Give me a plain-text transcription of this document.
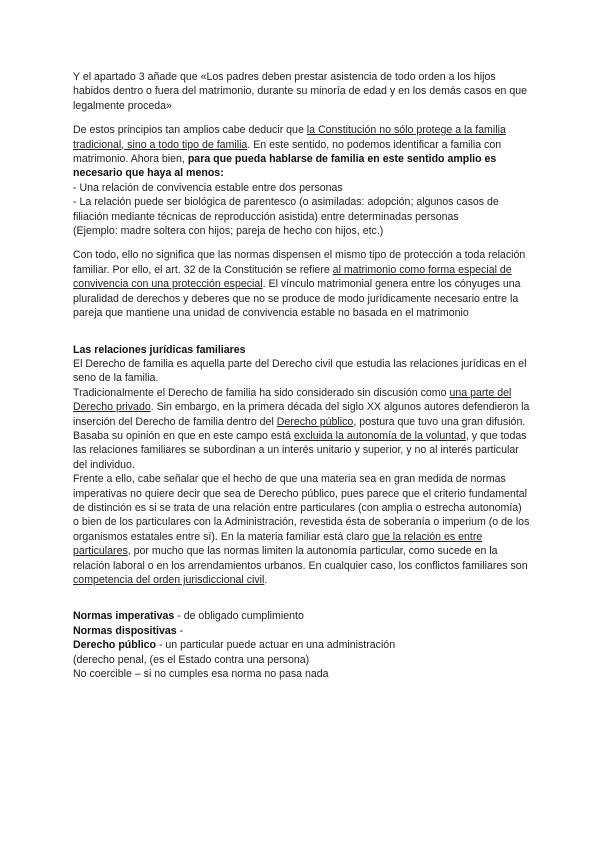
Y el apartado 3 añade que «Los padres deben prestar asistencia de todo orden a los hijos habidos dentro o fuera del matrimonio, durante su minoría de edad y en los demás casos en que legalmente proceda»

De estos principios tan amplios cabe deducir que la Constitución no sólo protege a la familia tradicional, sino a todo tipo de familia. En este sentido, no podemos identificar a familia con matrimonio. Ahora bien, para que pueda hablarse de familia en este sentido amplio es necesario que haya al menos:
- Una relación de convivencia estable entre dos personas
- La relación puede ser biológica de parentesco (o asimiladas: adopción; algunos casos de filiación mediante técnicas de reproducción asistida) entre determinadas personas
(Ejemplo: madre soltera con hijos; pareja de hecho con hijos, etc.)

Con todo, ello no significa que las normas dispensen el mismo tipo de protección a toda relación familiar. Por ello, el art. 32 de la Constitución se refiere al matrimonio como forma especial de convivencia con una protección especial. El vínculo matrimonial genera entre los cónyuges una pluralidad de derechos y deberes que no se produce de modo jurídicamente necesario entre la pareja que mantiene una unidad de convivencia estable no basada en el matrimonio

Las relaciones jurídicas familiares

El Derecho de familia es aquella parte del Derecho civil que estudia las relaciones jurídicas en el seno de la familia.

Tradicionalmente el Derecho de familia ha sido considerado sin discusión como una parte del Derecho privado. Sin embargo, en la primera década del siglo XX algunos autores defendieron la inserción del Derecho de familia dentro del Derecho público, postura que tuvo una gran difusión. Basaba su opinión en que en este campo está excluida la autonomía de la voluntad, y que todas las relaciones familiares se subordinan a un interés unitario y superior, y no al interés particular del individuo.

Frente a ello, cabe señalar que el hecho de que una materia sea en gran medida de normas imperativas no quiere decir que sea de Derecho público, pues parece que el criterio fundamental de distinción es si se trata de una relación entre particulares (con amplia o estrecha autonomía) o bien de los particulares con la Administración, revestida ésta de soberanía o imperium (o de los organismos estatales entre sí). En la materia familiar está claro que la relación es entre particulares, por mucho que las normas limiten la autonomía particular, como sucede en la relación laboral o en los arrendamientos urbanos. En cualquier caso, los conflictos familiares son competencia del orden jurisdiccional civil.

Normas imperativas - de obligado cumplimiento

Normas dispositivas -

Derecho público - un particular puede actuar en una administración

(derecho penal, (es el Estado contra una persona)

No coercible – si no cumples esa norma no pasa nada
